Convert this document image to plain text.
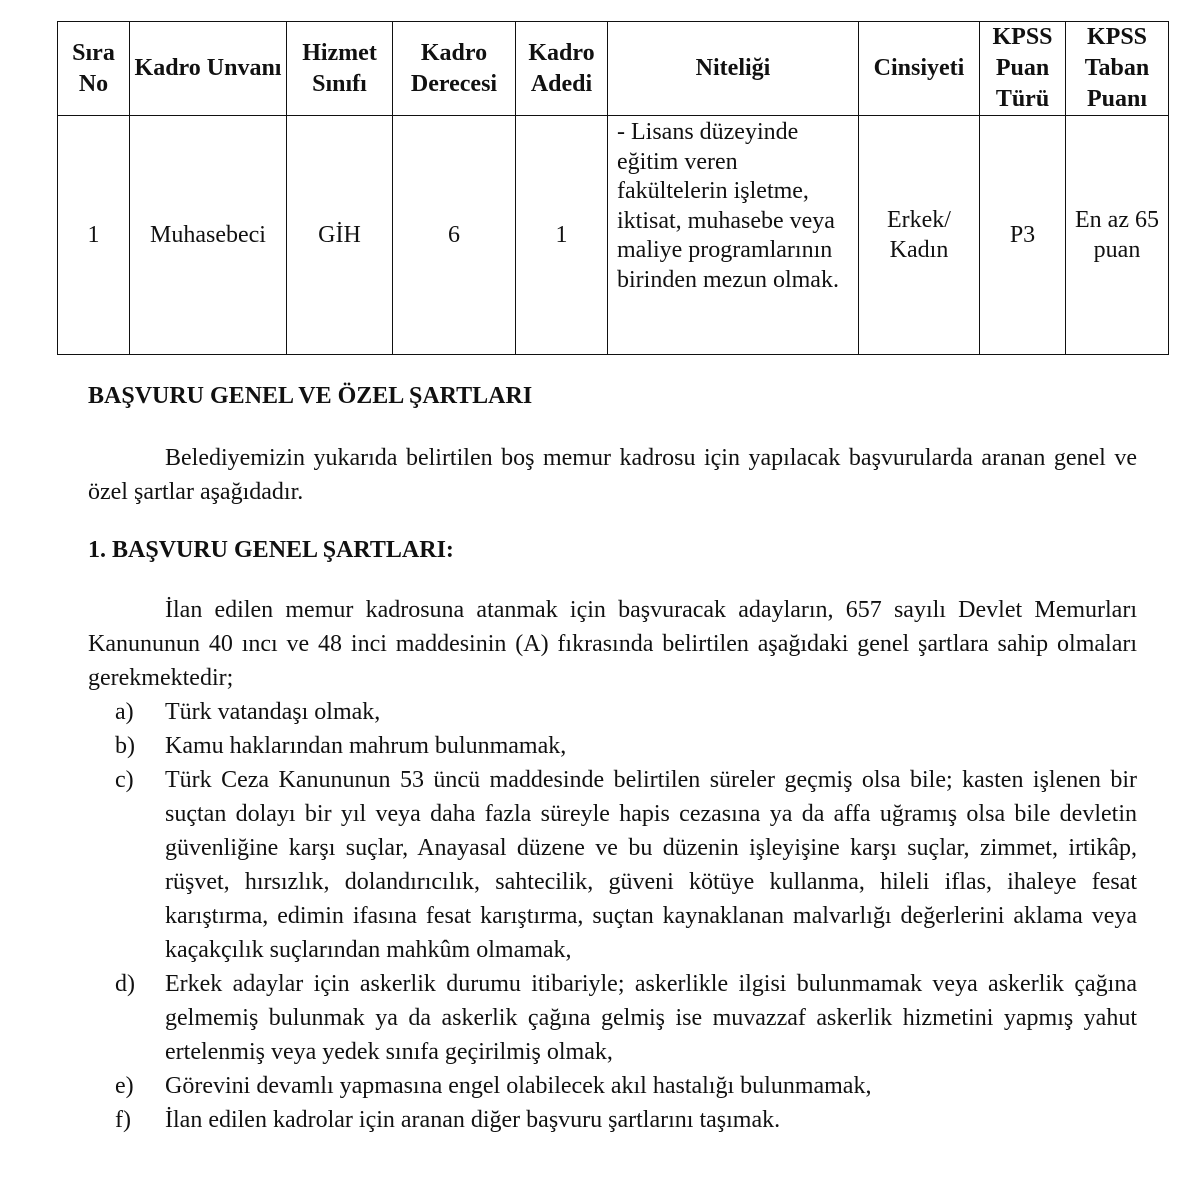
Sıra No	Kadro Unvanı	Hizmet Sınıfı	Kadro Derecesi	Kadro Adedi	Niteliği	Cinsiyeti	KPSS Puan Türü	KPSS Taban Puanı
1	Muhasebeci	GİH	6	1	- Lisans düzeyinde eğitim veren fakültelerin işletme, iktisat, muhasebe veya maliye programlarının birinden mezun olmak.	Erkek/ Kadın	P3	En az 65 puan
BAŞVURU GENEL VE ÖZEL ŞARTLARI
Belediyemizin yukarıda belirtilen boş memur kadrosu için yapılacak başvurularda aranan genel ve özel şartlar aşağıdadır.
1. BAŞVURU GENEL ŞARTLARI:
İlan edilen memur kadrosuna atanmak için başvuracak adayların, 657 sayılı Devlet Memurları Kanununun 40 ıncı ve 48 inci maddesinin (A) fıkrasında belirtilen aşağıdaki genel şartlara sahip olmaları gerekmektedir;
a)	Türk vatandaşı olmak,
b)	Kamu haklarından mahrum bulunmamak,
c)	Türk Ceza Kanununun 53 üncü maddesinde belirtilen süreler geçmiş olsa bile; kasten işlenen bir suçtan dolayı bir yıl veya daha fazla süreyle hapis cezasına ya da affa uğramış olsa bile devletin güvenliğine karşı suçlar, Anayasal düzene ve bu düzenin işleyişine karşı suçlar, zimmet, irtikâp, rüşvet, hırsızlık, dolandırıcılık, sahtecilik, güveni kötüye kullanma, hileli iflas, ihaleye fesat karıştırma, edimin ifasına fesat karıştırma, suçtan kaynaklanan malvarlığı değerlerini aklama veya kaçakçılık suçlarından mahkûm olmamak,
d)	Erkek adaylar için askerlik durumu itibariyle; askerlikle ilgisi bulunmamak veya askerlik çağına gelmemiş bulunmak ya da askerlik çağına gelmiş ise muvazzaf askerlik hizmetini yapmış yahut ertelenmiş veya yedek sınıfa geçirilmiş olmak,
e)	Görevini devamlı yapmasına engel olabilecek akıl hastalığı bulunmamak,
f)	İlan edilen kadrolar için aranan diğer başvuru şartlarını taşımak.
